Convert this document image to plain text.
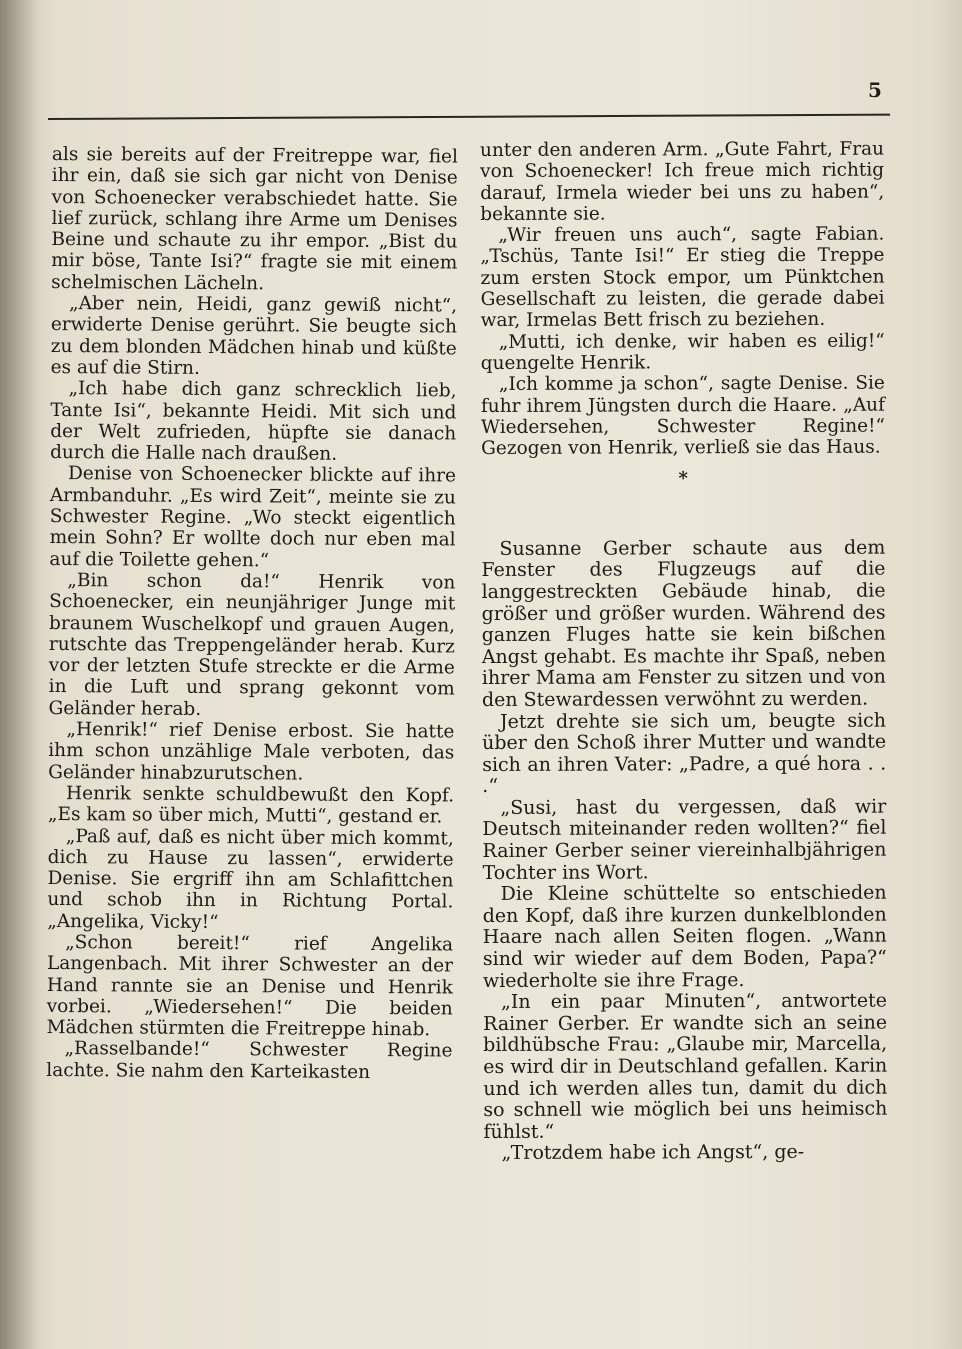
5

als sie bereits auf der Freitreppe war, fiel ihr ein, daß sie sich gar nicht von Denise von Schoenecker verabschiedet hatte. Sie lief zurück, schlang ihre Arme um Denises Beine und schaute zu ihr empor. „Bist du mir böse, Tante Isi?“ fragte sie mit einem schelmischen Lächeln.

„Aber nein, Heidi, ganz gewiß nicht“, erwiderte Denise gerührt. Sie beugte sich zu dem blonden Mädchen hinab und küßte es auf die Stirn.

„Ich habe dich ganz schrecklich lieb, Tante Isi“, bekannte Heidi. Mit sich und der Welt zufrieden, hüpfte sie danach durch die Halle nach draußen.

Denise von Schoenecker blickte auf ihre Armbanduhr. „Es wird Zeit“, meinte sie zu Schwester Regine. „Wo steckt eigentlich mein Sohn? Er wollte doch nur eben mal auf die Toilette gehen.“

„Bin schon da!“ Henrik von Schoenecker, ein neunjähriger Junge mit braunem Wuschelkopf und grauen Augen, rutschte das Treppengeländer herab. Kurz vor der letzten Stufe streckte er die Arme in die Luft und sprang gekonnt vom Geländer herab.

„Henrik!“ rief Denise erbost. Sie hatte ihm schon unzählige Male verboten, das Geländer hinabzurutschen.

Henrik senkte schuldbewußt den Kopf. „Es kam so über mich, Mutti“, gestand er.

„Paß auf, daß es nicht über mich kommt, dich zu Hause zu lassen“, erwiderte Denise. Sie ergriff ihn am Schlafittchen und schob ihn in Richtung Portal. „Angelika, Vicky!“

„Schon bereit!“ rief Angelika Langenbach. Mit ihrer Schwester an der Hand rannte sie an Denise und Henrik vorbei. „Wiedersehen!“ Die beiden Mädchen stürmten die Freitreppe hinab.

„Rasselbande!“ Schwester Regine lachte. Sie nahm den Karteikasten

unter den anderen Arm. „Gute Fahrt, Frau von Schoenecker! Ich freue mich richtig darauf, Irmela wieder bei uns zu haben“, bekannte sie.

„Wir freuen uns auch“, sagte Fabian. „Tschüs, Tante Isi!“ Er stieg die Treppe zum ersten Stock empor, um Pünktchen Gesellschaft zu leisten, die gerade dabei war, Irmelas Bett frisch zu beziehen.

„Mutti, ich denke, wir haben es eilig!“ quengelte Henrik.

„Ich komme ja schon“, sagte Denise. Sie fuhr ihrem Jüngsten durch die Haare. „Auf Wiedersehen, Schwester Regine!“ Gezogen von Henrik, verließ sie das Haus.

*

Susanne Gerber schaute aus dem Fenster des Flugzeugs auf die langgestreckten Gebäude hinab, die größer und größer wurden. Während des ganzen Fluges hatte sie kein bißchen Angst gehabt. Es machte ihr Spaß, neben ihrer Mama am Fenster zu sitzen und von den Stewardessen verwöhnt zu werden.

Jetzt drehte sie sich um, beugte sich über den Schoß ihrer Mutter und wandte sich an ihren Vater: „Padre, a qué hora . . .“

„Susi, hast du vergessen, daß wir Deutsch miteinander reden wollten?“ fiel Rainer Gerber seiner vierеinhalbjährigen Tochter ins Wort.

Die Kleine schüttelte so entschieden den Kopf, daß ihre kurzen dunkelblonden Haare nach allen Seiten flogen. „Wann sind wir wieder auf dem Boden, Papa?“ wiederholte sie ihre Frage.

„In ein paar Minuten“, antwortete Rainer Gerber. Er wandte sich an seine bildhübsche Frau: „Glaube mir, Marcella, es wird dir in Deutschland gefallen. Karin und ich werden alles tun, damit du dich so schnell wie möglich bei uns heimisch fühlst.“

„Trotzdem habe ich Angst“, ge-
